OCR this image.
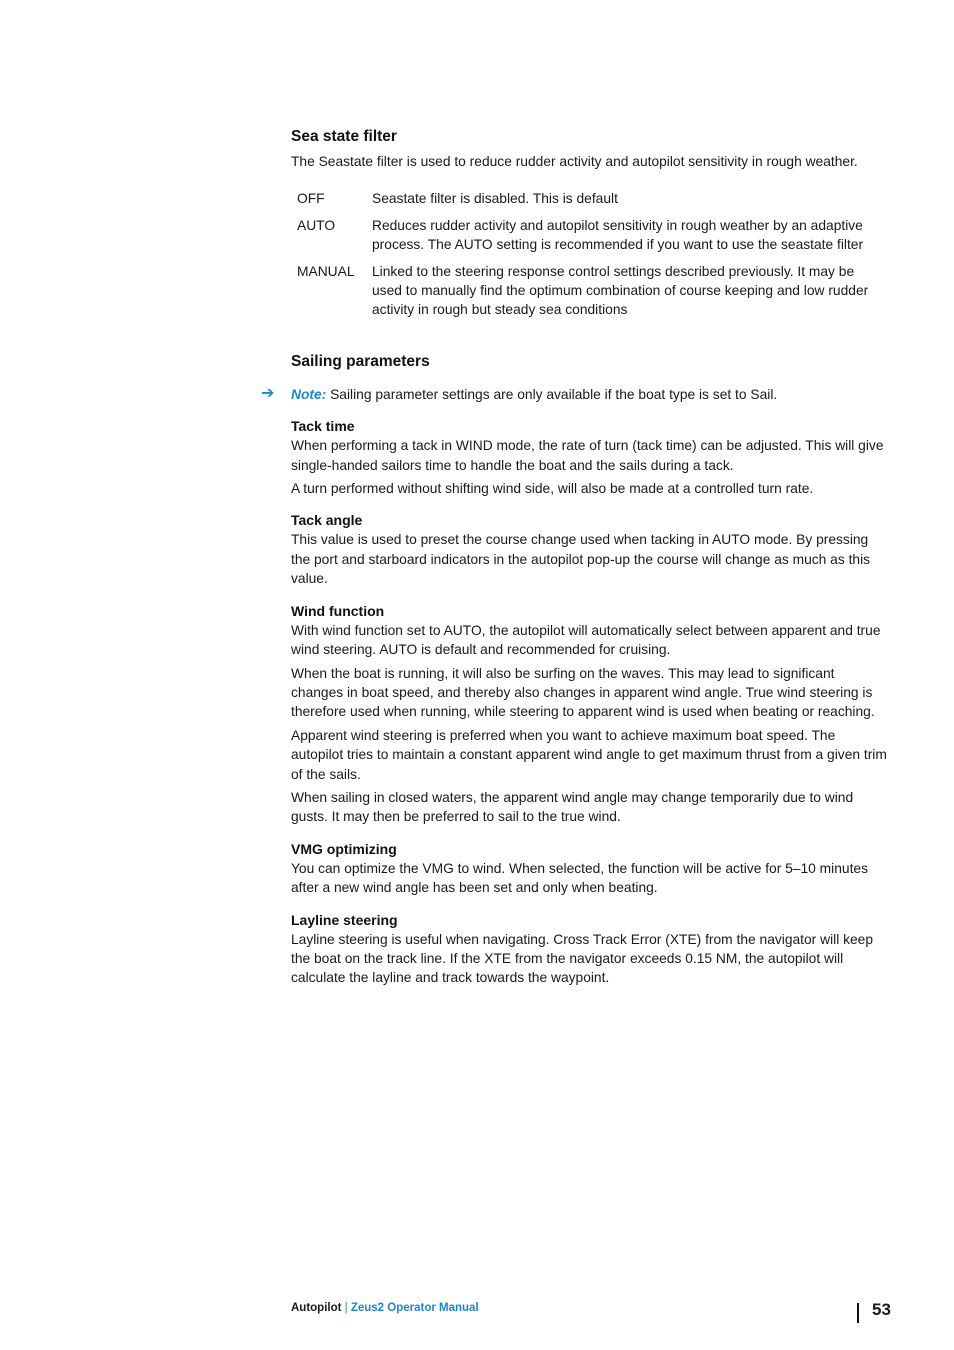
Sea state filter

The Seastate filter is used to reduce rudder activity and autopilot sensitivity in rough weather.

OFF	Seastate filter is disabled. This is default
AUTO	Reduces rudder activity and autopilot sensitivity in rough weather by an adaptive process. The AUTO setting is recommended if you want to use the seastate filter
MANUAL	Linked to the steering response control settings described previously. It may be used to manually find the optimum combination of course keeping and low rudder activity in rough but steady sea conditions
Sailing parameters

➔ Note: Sailing parameter settings are only available if the boat type is set to Sail.

Tack time

When performing a tack in WIND mode, the rate of turn (tack time) can be adjusted. This will give single-handed sailors time to handle the boat and the sails during a tack.

A turn performed without shifting wind side, will also be made at a controlled turn rate.

Tack angle

This value is used to preset the course change used when tacking in AUTO mode. By pressing the port and starboard indicators in the autopilot pop-up the course will change as much as this value.

Wind function

With wind function set to AUTO, the autopilot will automatically select between apparent and true wind steering. AUTO is default and recommended for cruising.

When the boat is running, it will also be surfing on the waves. This may lead to significant changes in boat speed, and thereby also changes in apparent wind angle. True wind steering is therefore used when running, while steering to apparent wind is used when beating or reaching.

Apparent wind steering is preferred when you want to achieve maximum boat speed. The autopilot tries to maintain a constant apparent wind angle to get maximum thrust from a given trim of the sails.

When sailing in closed waters, the apparent wind angle may change temporarily due to wind gusts. It may then be preferred to sail to the true wind.

VMG optimizing

You can optimize the VMG to wind. When selected, the function will be active for 5–10 minutes after a new wind angle has been set and only when beating.

Layline steering

Layline steering is useful when navigating. Cross Track Error (XTE) from the navigator will keep the boat on the track line. If the XTE from the navigator exceeds 0.15 NM, the autopilot will calculate the layline and track towards the waypoint.

Autopilot | Zeus2 Operator Manual	53
